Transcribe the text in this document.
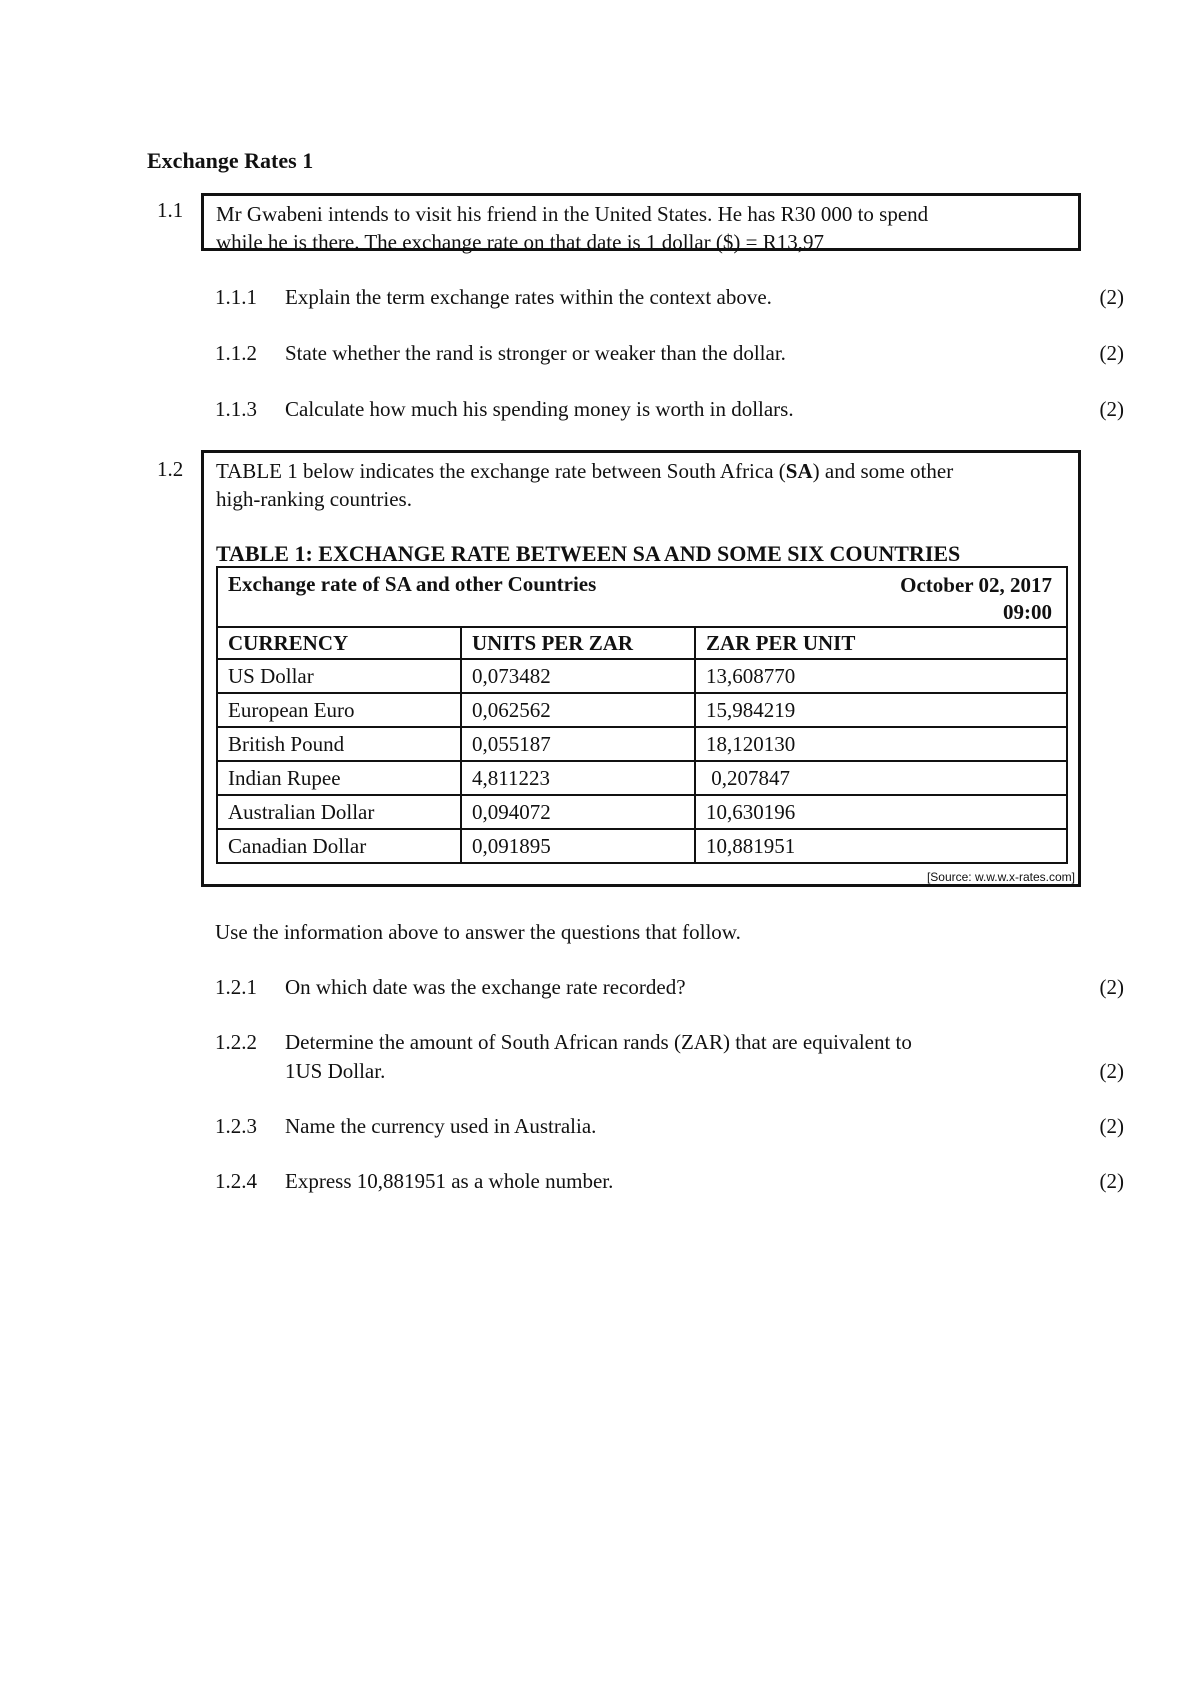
Exchange Rates 1
1.1 Mr Gwabeni intends to visit his friend in the United States. He has R30 000 to spend
while he is there. The exchange rate on that date is 1 dollar ($) = R13,97
1.1.1 Explain the term exchange rates within the context above.	(2)
1.1.2 State whether the rand is stronger or weaker than the dollar.	(2)
1.1.3 Calculate how much his spending money is worth in dollars.	(2)
1.2 TABLE 1 below indicates the exchange rate between South Africa (SA) and some other
high-ranking countries.
TABLE 1: EXCHANGE RATE BETWEEN SA AND SOME SIX COUNTRIES
Exchange rate of SA and other Countries	October 02, 2017
09:00
CURRENCY	UNITS PER ZAR	ZAR PER UNIT
US Dollar	0,073482	13,608770
European Euro	0,062562	15,984219
British Pound	0,055187	18,120130
Indian Rupee	4,811223	0,207847
Australian Dollar	0,094072	10,630196
Canadian Dollar	0,091895	10,881951
[Source: w.w.w.x-rates.com]
Use the information above to answer the questions that follow.
1.2.1 On which date was the exchange rate recorded?	(2)
1.2.2 Determine the amount of South African rands (ZAR) that are equivalent to
1US Dollar.	(2)
1.2.3 Name the currency used in Australia.	(2)
1.2.4 Express 10,881951 as a whole number.	(2)
